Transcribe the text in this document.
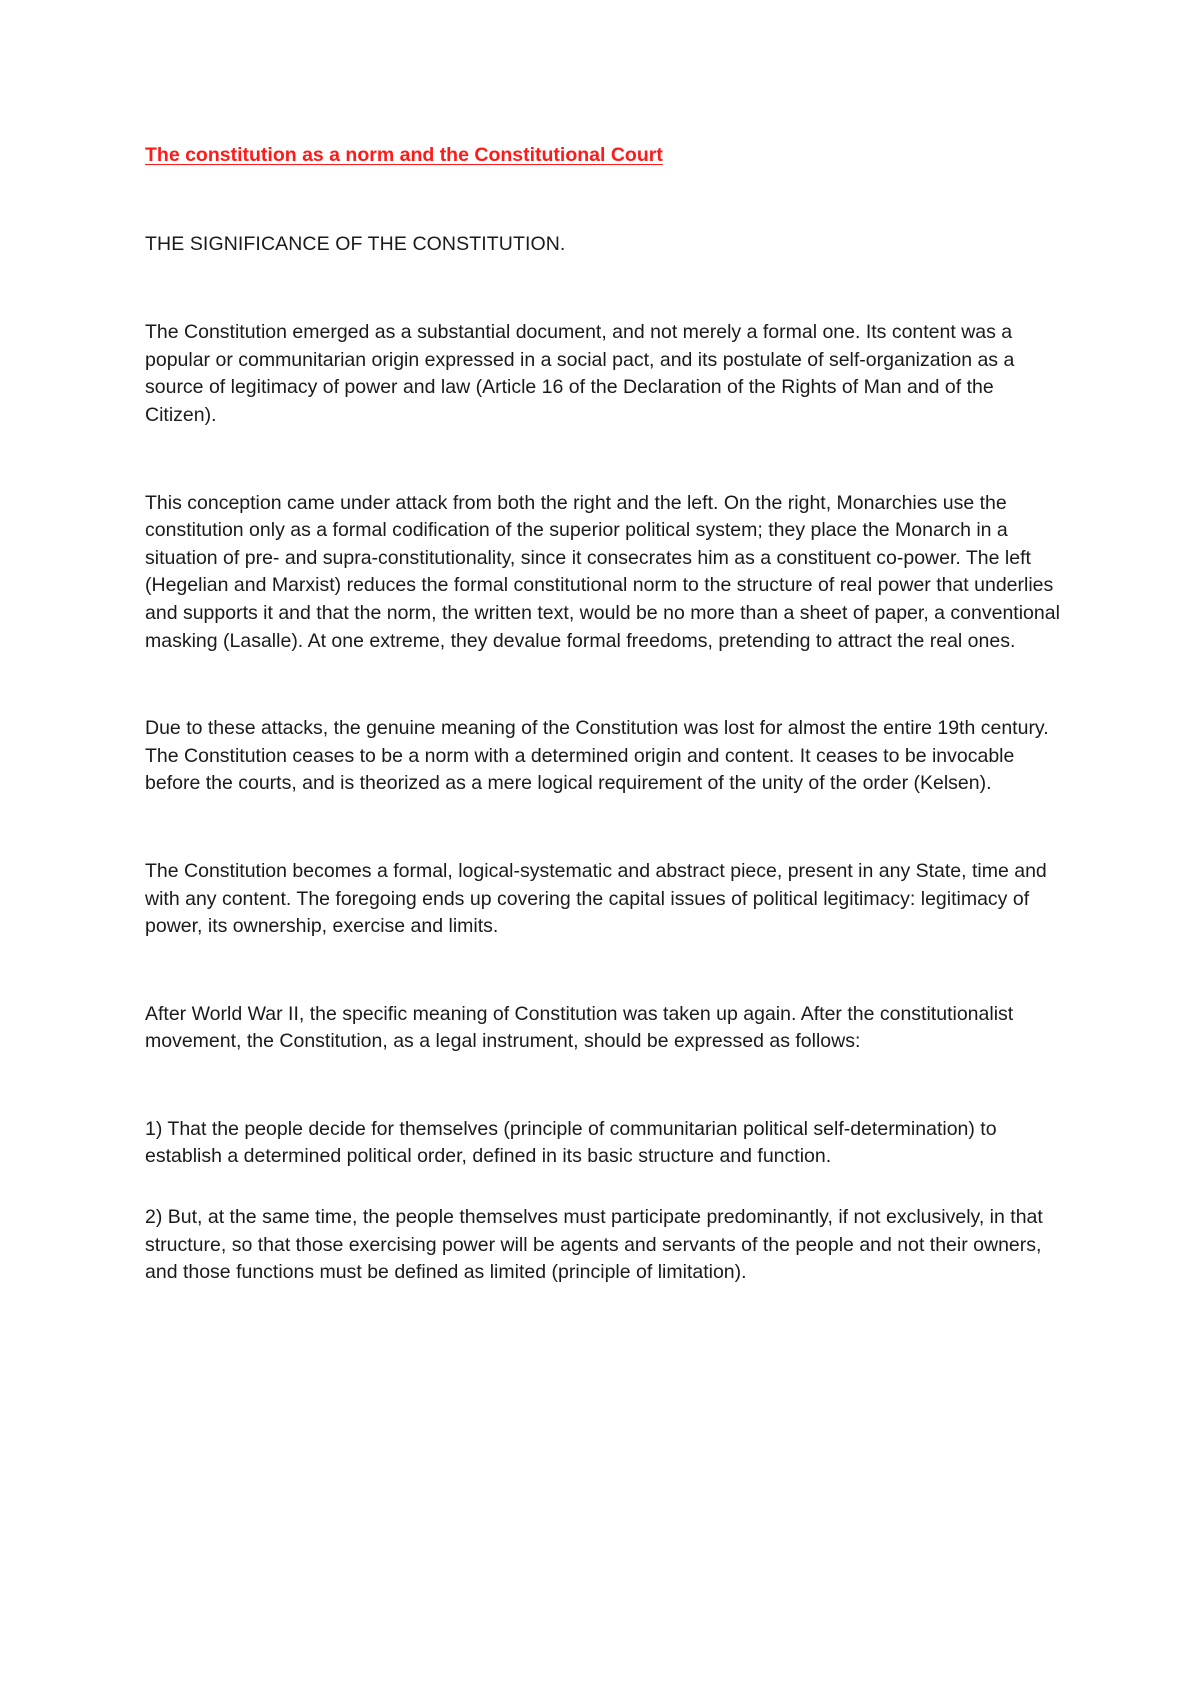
The constitution as a norm and the Constitutional Court

THE SIGNIFICANCE OF THE CONSTITUTION.

The Constitution emerged as a substantial document, and not merely a formal one. Its content was a popular or communitarian origin expressed in a social pact, and its postulate of self-organization as a source of legitimacy of power and law (Article 16 of the Declaration of the Rights of Man and of the Citizen).

This conception came under attack from both the right and the left. On the right, Monarchies use the constitution only as a formal codification of the superior political system; they place the Monarch in a situation of pre- and supra-constitutionality, since it consecrates him as a constituent co-power. The left (Hegelian and Marxist) reduces the formal constitutional norm to the structure of real power that underlies and supports it and that the norm, the written text, would be no more than a sheet of paper, a conventional masking (Lasalle). At one extreme, they devalue formal freedoms, pretending to attract the real ones.

Due to these attacks, the genuine meaning of the Constitution was lost for almost the entire 19th century. The Constitution ceases to be a norm with a determined origin and content. It ceases to be invocable before the courts, and is theorized as a mere logical requirement of the unity of the order (Kelsen).

The Constitution becomes a formal, logical-systematic and abstract piece, present in any State, time and with any content. The foregoing ends up covering the capital issues of political legitimacy: legitimacy of power, its ownership, exercise and limits.

After World War II, the specific meaning of Constitution was taken up again. After the constitutionalist movement, the Constitution, as a legal instrument, should be expressed as follows:

1) That the people decide for themselves (principle of communitarian political self-determination) to establish a determined political order, defined in its basic structure and function.

2) But, at the same time, the people themselves must participate predominantly, if not exclusively, in that structure, so that those exercising power will be agents and servants of the people and not their owners, and those functions must be defined as limited (principle of limitation).
